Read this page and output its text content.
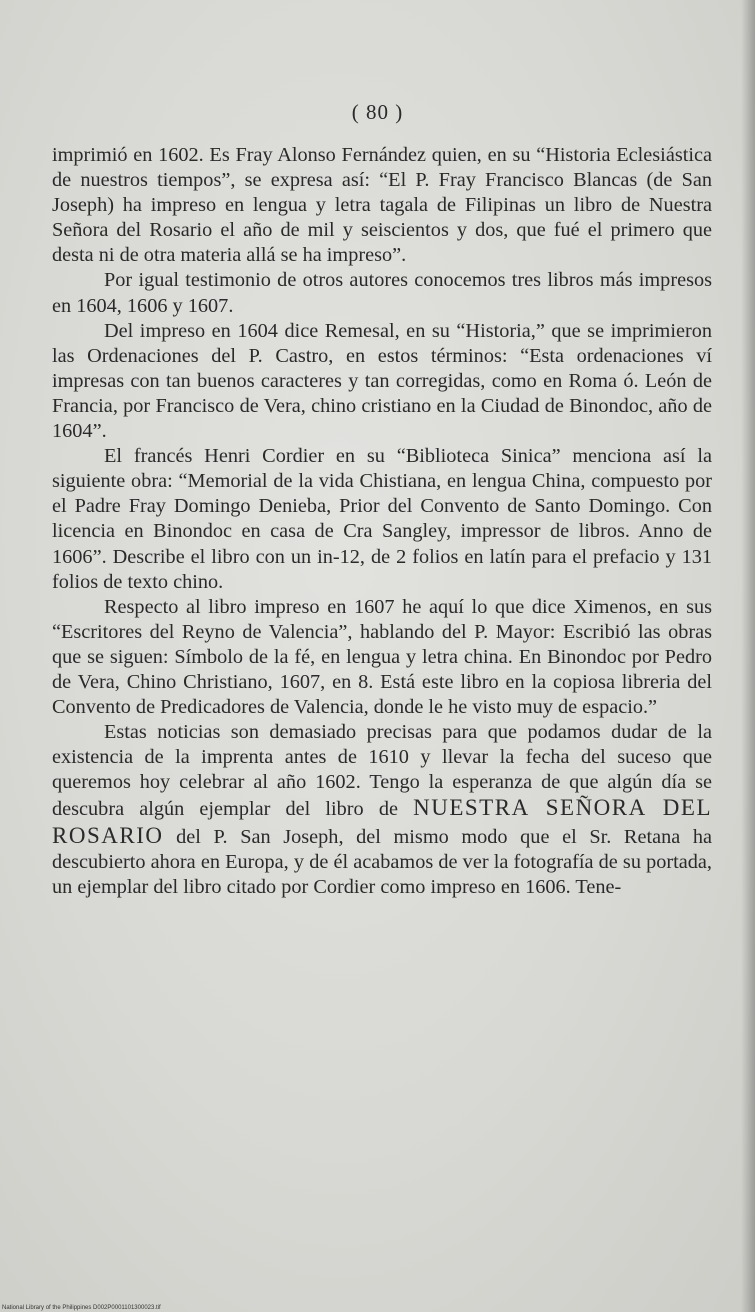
( 80 )

imprimió en 1602. Es Fray Alonso Fernández quien, en su “Historia Eclesiástica de nuestros tiempos”, se expresa así: “El P. Fray Francisco Blancas (de San Joseph) ha impreso en lengua y letra tagala de Filipinas un libro de Nuestra Señora del Rosario el año de mil y seiscientos y dos, que fué el primero que desta ni de otra materia allá se ha impreso”.

Por igual testimonio de otros autores conocemos tres libros más impresos en 1604, 1606 y 1607.

Del impreso en 1604 dice Remesal, en su “Historia,” que se imprimieron las Ordenaciones del P. Castro, en estos términos: “Esta ordenaciones ví impresas con tan buenos caracteres y tan corregidas, como en Roma ó. León de Francia, por Francisco de Vera, chino cristiano en la Ciudad de Binondoc, año de 1604”.

El francés Henri Cordier en su “Biblioteca Sinica” menciona así la siguiente obra: “Memorial de la vida Chistiana, en lengua China, compuesto por el Padre Fray Domingo Denieba, Prior del Convento de Santo Domingo. Con licencia en Binondoc en casa de Cra Sangley, impressor de libros. Anno de 1606”. Describe el libro con un in-12, de 2 folios en latín para el prefacio y 131 folios de texto chino.

Respecto al libro impreso en 1607 he aquí lo que dice Ximenos, en sus “Escritores del Reyno de Valencia”, hablando del P. Mayor: Escribió las obras que se siguen: Símbolo de la fé, en lengua y letra china. En Binondoc por Pedro de Vera, Chino Christiano, 1607, en 8. Está este libro en la copiosa libreria del Convento de Predicadores de Valencia, donde le he visto muy de espacio.”

Estas noticias son demasiado precisas para que podamos dudar de la existencia de la imprenta antes de 1610 y llevar la fecha del suceso que queremos hoy celebrar al año 1602. Tengo la esperanza de que algún día se descubra algún ejemplar del libro de NUESTRA SEÑORA DEL ROSARIO del P. San Joseph, del mismo modo que el Sr. Retana ha descubierto ahora en Europa, y de él acabamos de ver la fotografía de su portada, un ejemplar del libro citado por Cordier como impreso en 1606. Tene-

National Library of the Philippines D002P0001101300023.tif
